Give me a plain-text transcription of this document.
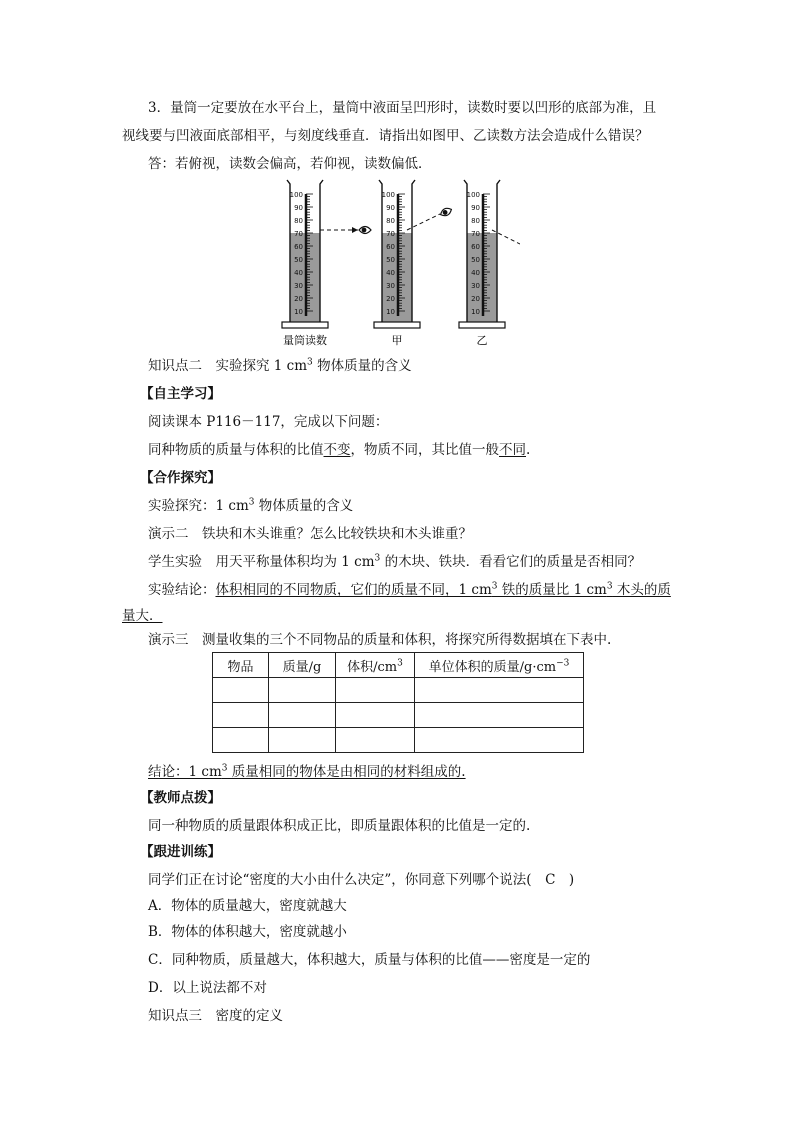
3．量筒一定要放在水平台上，量筒中液面呈凹形时，读数时要以凹形的底部为准，且
视线要与凹液面底部相平，与刻度线垂直．请指出如图甲、乙读数方法会造成什么错误？
答：若俯视，读数会偏高，若仰视，读数偏低．
100
90
80
70
60
50
40
30
20
10
100
90
80
70
60
50
40
30
20
10
100
90
80
70
60
50
40
30
20
10
量筒读数	甲	乙
知识点二　实验探究 1 $cm^3$ 物体质量的含义
【自主学习】
阅读课本 P116－117，完成以下问题：
同种物质的质量与体积的比值不变，物质不同，其比值一般不同.
【合作探究】
实验探究：1 $cm^3$ 物体质量的含义
演示二　铁块和木头谁重？怎么比较铁块和木头谁重？
学生实验　用天平称量体积均为 1 $cm^3$ 的木块、铁块．看看它们的质量是否相同？
实验结论：体积相同的不同物质，它们的质量不同，1 $cm^3$ 铁的质量比 1 $cm^3$ 木头的质
量大．
演示三　测量收集的三个不同物品的质量和体积，将探究所得数据填在下表中.
物品	质量/g	体积$/cm^3$	单位体积的质量$/g\cdot cm^{-3}$

结论：1 $cm^3$ 质量相同的物体是由相同的材料组成的.
【教师点拨】
同一种物质的质量跟体积成正比，即质量跟体积的比值是一定的.
【跟进训练】
同学们正在讨论“密度的大小由什么决定”，你同意下列哪个说法(　C　)
A．物体的质量越大，密度就越大
B．物体的体积越大，密度就越小
C．同种物质，质量越大，体积越大，质量与体积的比值——密度是一定的
D．以上说法都不对
知识点三　密度的定义
